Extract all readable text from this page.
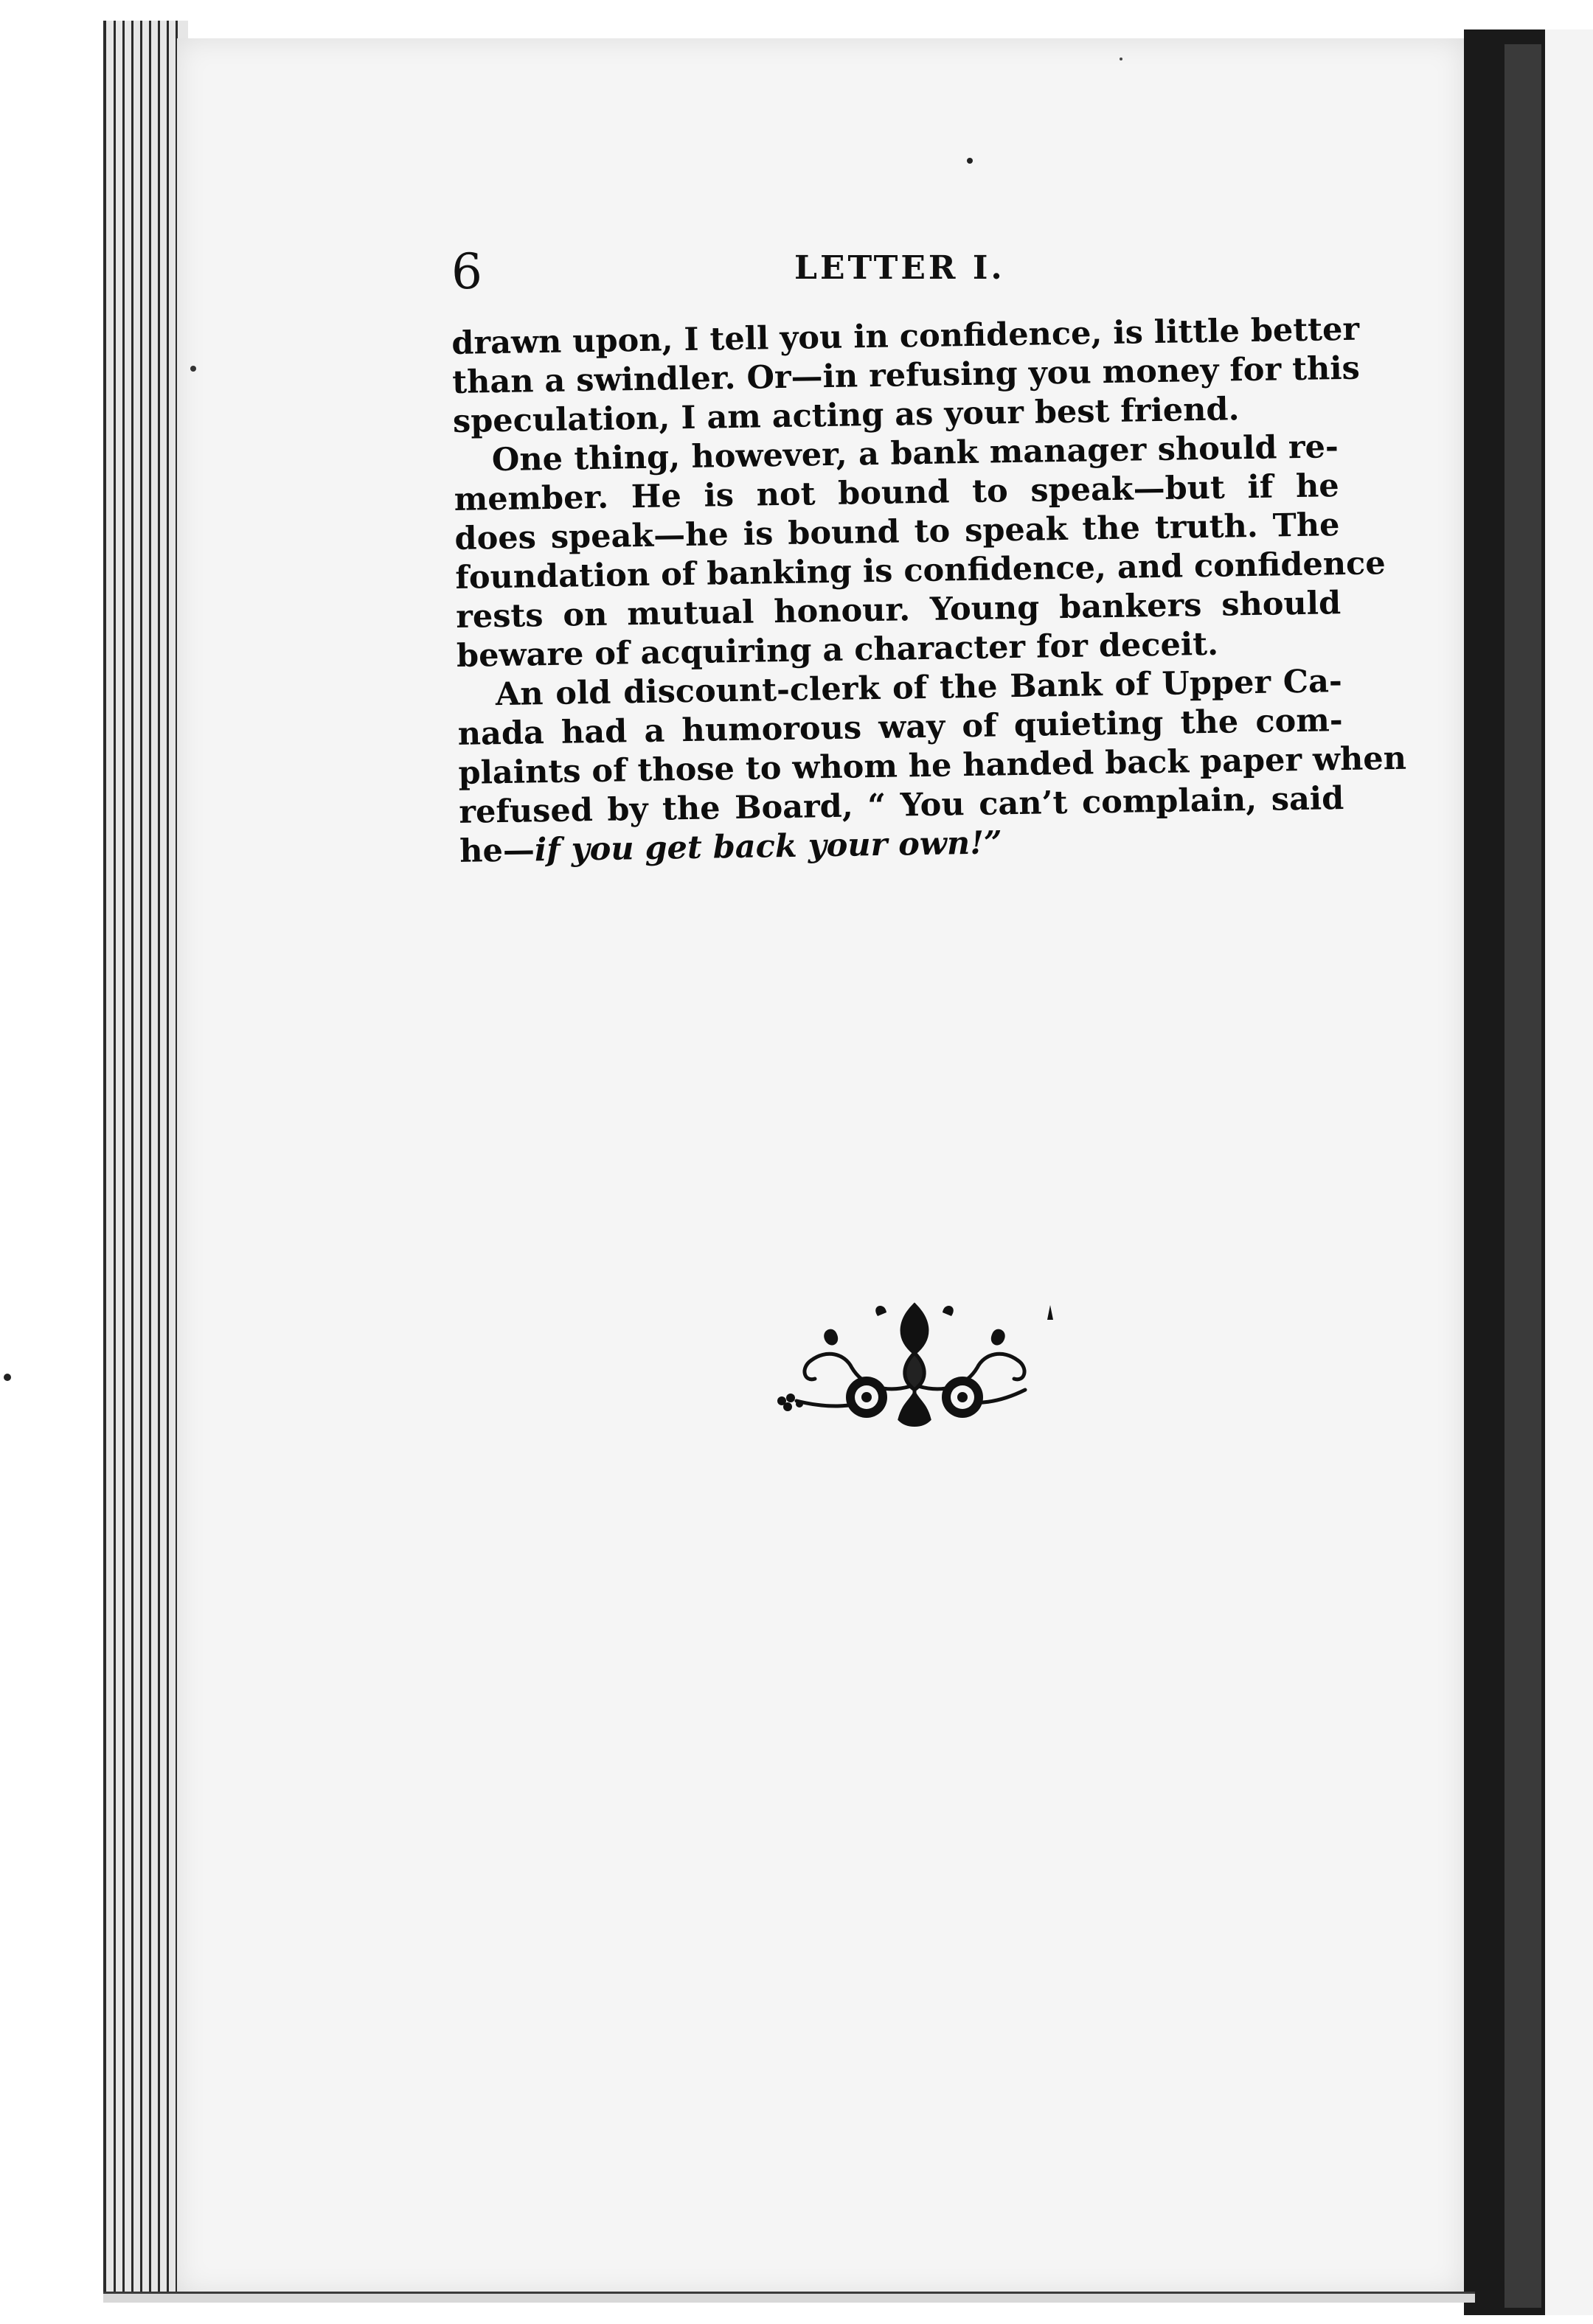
6	LETTER I.
drawn upon, I tell you in confidence, is little better
than a swindler. Or—in refusing you money for this
speculation, I am acting as your best friend.
One thing, however, a bank manager should re-
member. He is not bound to speak—but if he
does speak—he is bound to speak the truth. The
foundation of banking is confidence, and confidence
rests on mutual honour. Young bankers should
beware of acquiring a character for deceit.
An old discount-clerk of the Bank of Upper Ca-
nada had a humorous way of quieting the com-
plaints of those to whom he handed back paper when
refused by the Board, “ You can’t complain, said
he—if you get back your own!”
